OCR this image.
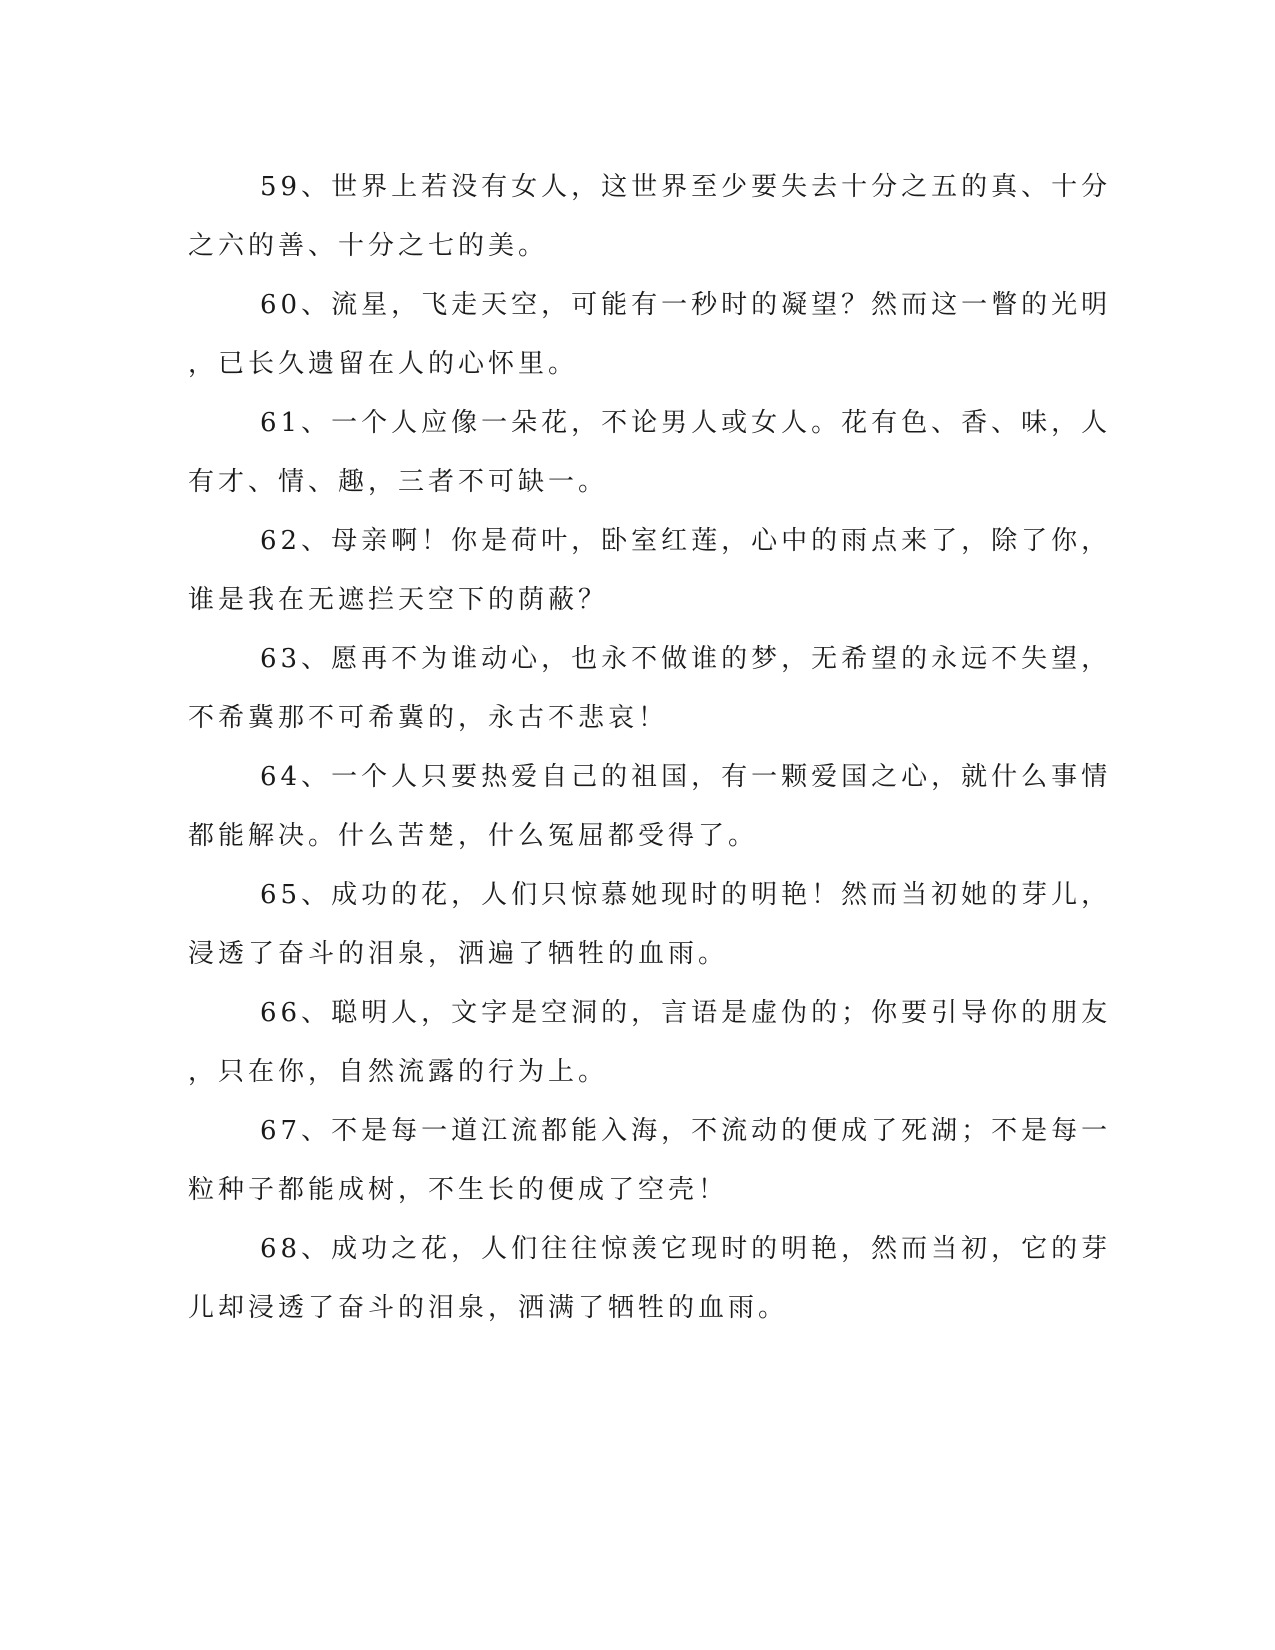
59、世界上若没有女人，这世界至少要失去十分之五的真、十分
之六的善、十分之七的美。

60、流星，飞走天空，可能有一秒时的凝望？然而这一瞥的光明
，已长久遗留在人的心怀里。

61、一个人应像一朵花，不论男人或女人。花有色、香、味，人
有才、情、趣，三者不可缺一。

62、母亲啊！你是荷叶，卧室红莲，心中的雨点来了，除了你，
谁是我在无遮拦天空下的荫蔽？

63、愿再不为谁动心，也永不做谁的梦，无希望的永远不失望，
不希冀那不可希冀的，永古不悲哀！

64、一个人只要热爱自己的祖国，有一颗爱国之心，就什么事情
都能解决。什么苦楚，什么冤屈都受得了。

65、成功的花，人们只惊慕她现时的明艳！然而当初她的芽儿，
浸透了奋斗的泪泉，洒遍了牺牲的血雨。

66、聪明人，文字是空洞的，言语是虚伪的；你要引导你的朋友
，只在你，自然流露的行为上。

67、不是每一道江流都能入海，不流动的便成了死湖；不是每一
粒种子都能成树，不生长的便成了空壳！

68、成功之花，人们往往惊羡它现时的明艳，然而当初，它的芽
儿却浸透了奋斗的泪泉，洒满了牺牲的血雨。
